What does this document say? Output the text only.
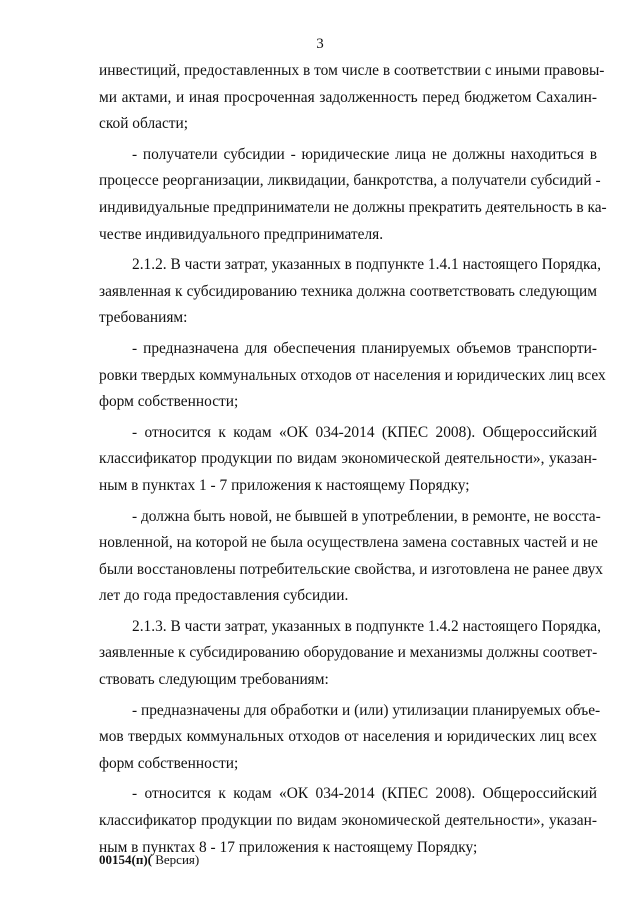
3

инвестиций, предоставленных в том числе в соответствии с иными правовы-
ми актами, и иная просроченная задолженность перед бюджетом Сахалин-
ской области;

- получатели субсидии - юридические лица не должны находиться в
процессе реорганизации, ликвидации, банкротства, а получатели субсидий -
индивидуальные предприниматели не должны прекратить деятельность в ка-
честве индивидуального предпринимателя.

2.1.2. В части затрат, указанных в подпункте 1.4.1 настоящего Порядка,
заявленная к субсидированию техника должна соответствовать следующим
требованиям:

- предназначена для обеспечения планируемых объемов транспорти-
ровки твердых коммунальных отходов от населения и юридических лиц всех
форм собственности;

- относится к кодам «ОК 034-2014 (КПЕС 2008). Общероссийский
классификатор продукции по видам экономической деятельности», указан-
ным в пунктах 1 - 7 приложения к настоящему Порядку;

- должна быть новой, не бывшей в употреблении, в ремонте, не восста-
новленной, на которой не была осуществлена замена составных частей и не
были восстановлены потребительские свойства, и изготовлена не ранее двух
лет до года предоставления субсидии.

2.1.3. В части затрат, указанных в подпункте 1.4.2 настоящего Порядка,
заявленные к субсидированию оборудование и механизмы должны соответ-
ствовать следующим требованиям:

- предназначены для обработки и (или) утилизации планируемых объе-
мов твердых коммунальных отходов от населения и юридических лиц всех
форм собственности;

- относится к кодам «ОК 034-2014 (КПЕС 2008). Общероссийский
классификатор продукции по видам экономической деятельности», указан-
ным в пунктах 8 - 17 приложения к настоящему Порядку;

00154(п)( Версия)
